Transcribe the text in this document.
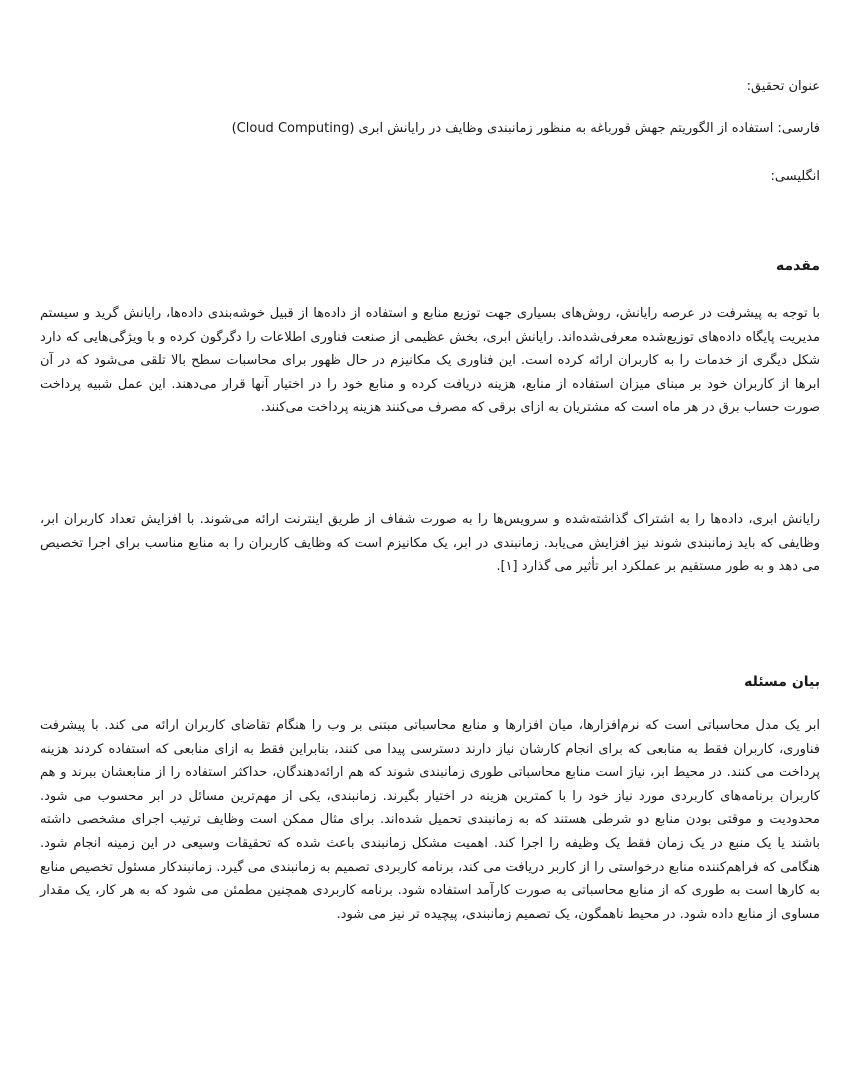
عنوان تحقیق:

فارسی: استفاده از الگوریتم جهش قورباغه به منظور زمانبندی وظایف در رایانش ابری (Cloud Computing)

انگلیسی:

مقدمه

با توجه به پیشرفت در عرصه رایانش، روش‌های بسیاری جهت توزیع منابع و استفاده از داده‌ها از قبیل خوشه‌بندی داده‌ها، رایانش گرید و سیستم مدیریت پایگاه داده‌های توزیع‌شده معرفی‌شده‌اند. رایانش ابری، بخش عظیمی از صنعت فناوری اطلاعات را دگرگون کرده و با ویژگی‌هایی که دارد شکل دیگری از خدمات را به کاربران ارائه کرده است. این فناوری یک مکانیزم در حال ظهور برای محاسبات سطح بالا تلقی می‌شود که در آن ابرها از کاربران خود بر مبنای میزان استفاده از منابع، هزینه دریافت کرده و منابع خود را در اختیار آنها قرار می‌دهند. این عمل شبیه پرداخت صورت حساب برق در هر ماه است که مشتریان به ازای برقی که مصرف می‌کنند هزینه پرداخت می‌کنند.

رایانش ابری، داده‌ها را به اشتراک گذاشته‌شده و سرویس‌ها را به صورت شفاف از طریق اینترنت ارائه می‌شوند. با افزایش تعداد کاربران ابر، وظایفی که باید زمانبندی شوند نیز افزایش می‌یابد. زمانبندی در ابر، یک مکانیزم است که وظایف کاربران را به منابع مناسب برای اجرا تخصیص می دهد و به طور مستقیم بر عملکرد ابر تأثیر می گذارد [۱].

بیان مسئله

ابر یک مدل محاسباتی است که نرم‌افزارها، میان افزارها و منابع محاسباتی مبتنی بر وب را هنگام تقاضای کاربران ارائه می کند. با پیشرفت فناوری، کاربران فقط به منابعی که برای انجام کارشان نیاز دارند دسترسی پیدا می کنند، بنابراین فقط به ازای منابعی که استفاده کردند هزینه پرداخت می کنند. در محیط ابر، نیاز است منابع محاسباتی طوری زمانبندی شوند که هم ارائه‌دهندگان، حداکثر استفاده را از منابعشان ببرند و هم کاربران برنامه‌های کاربردی مورد نیاز خود را با کمترین هزینه در اختیار بگیرند. زمانبندی، یکی از مهم‌ترین مسائل در ابر محسوب می شود. محدودیت و موقتی بودن منابع دو شرطی هستند که به زمانبندی تحمیل شده‌اند. برای مثال ممکن است وظایف ترتیب اجرای مشخصی داشته باشند یا یک منبع در یک زمان فقط یک وظیفه را اجرا کند. اهمیت مشکل زمانبندی باعث شده که تحقیقات وسیعی در این زمینه انجام شود. هنگامی که فراهم‌کننده منابع درخواستی را از کاربر دریافت می کند، برنامه کاربردی تصمیم به زمانبندی می گیرد. زمانبندکار مسئول تخصیص منابع به کارها است به طوری که از منابع محاسباتی به صورت کارآمد استفاده شود. برنامه کاربردی همچنین مطمئن می شود که به هر کار، یک مقدار مساوی از منابع داده شود. در محیط ناهمگون، یک تصمیم زمانبندی، پیچیده تر نیز می شود.
